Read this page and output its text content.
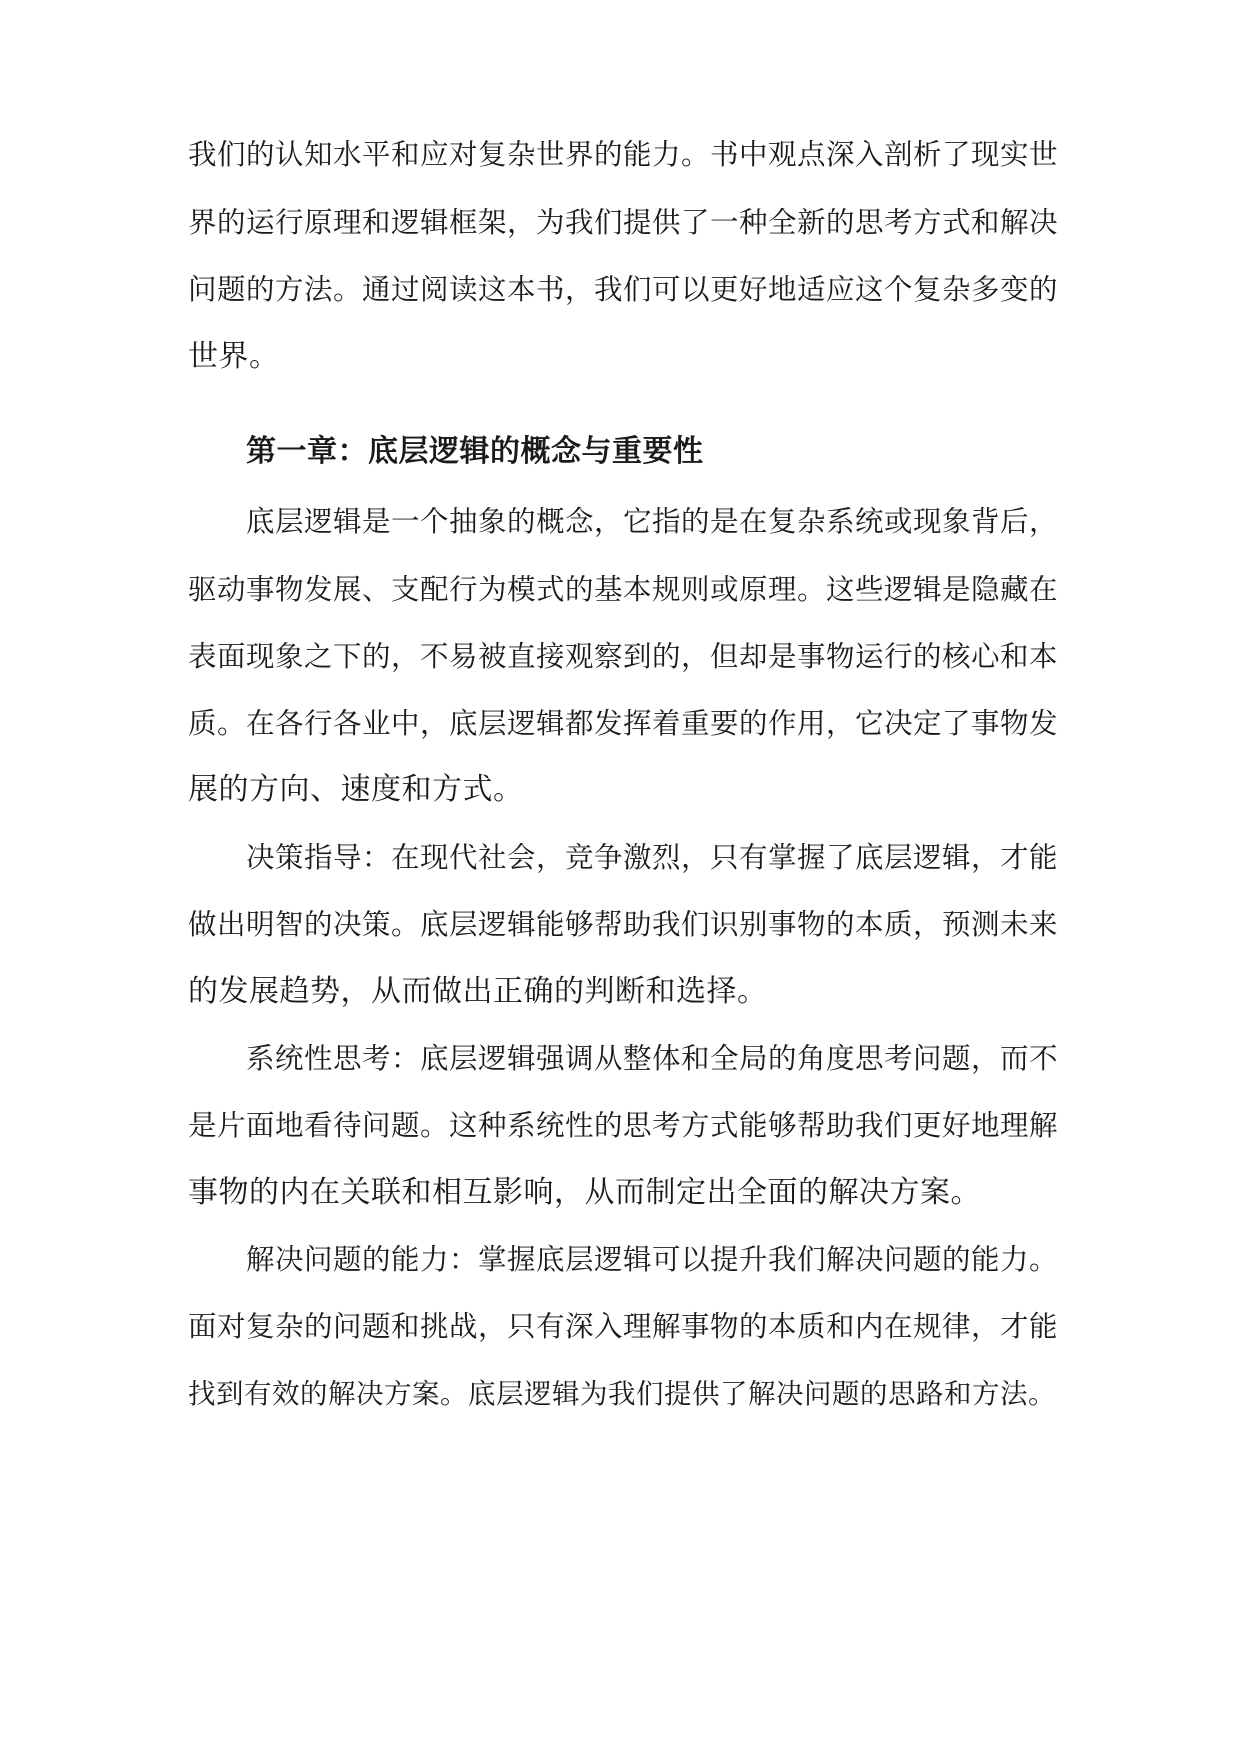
我们的认知水平和应对复杂世界的能力。书中观点深入剖析了现实世
界的运行原理和逻辑框架，为我们提供了一种全新的思考方式和解决
问题的方法。通过阅读这本书，我们可以更好地适应这个复杂多变的
世界。
第一章：底层逻辑的概念与重要性
底层逻辑是一个抽象的概念，它指的是在复杂系统或现象背后，
驱动事物发展、支配行为模式的基本规则或原理。这些逻辑是隐藏在
表面现象之下的，不易被直接观察到的，但却是事物运行的核心和本
质。在各行各业中，底层逻辑都发挥着重要的作用，它决定了事物发
展的方向、速度和方式。
决策指导：在现代社会，竞争激烈，只有掌握了底层逻辑，才能
做出明智的决策。底层逻辑能够帮助我们识别事物的本质，预测未来
的发展趋势，从而做出正确的判断和选择。
系统性思考：底层逻辑强调从整体和全局的角度思考问题，而不
是片面地看待问题。这种系统性的思考方式能够帮助我们更好地理解
事物的内在关联和相互影响，从而制定出全面的解决方案。
解决问题的能力：掌握底层逻辑可以提升我们解决问题的能力。
面对复杂的问题和挑战，只有深入理解事物的本质和内在规律，才能
找到有效的解决方案。底层逻辑为我们提供了解决问题的思路和方法。
